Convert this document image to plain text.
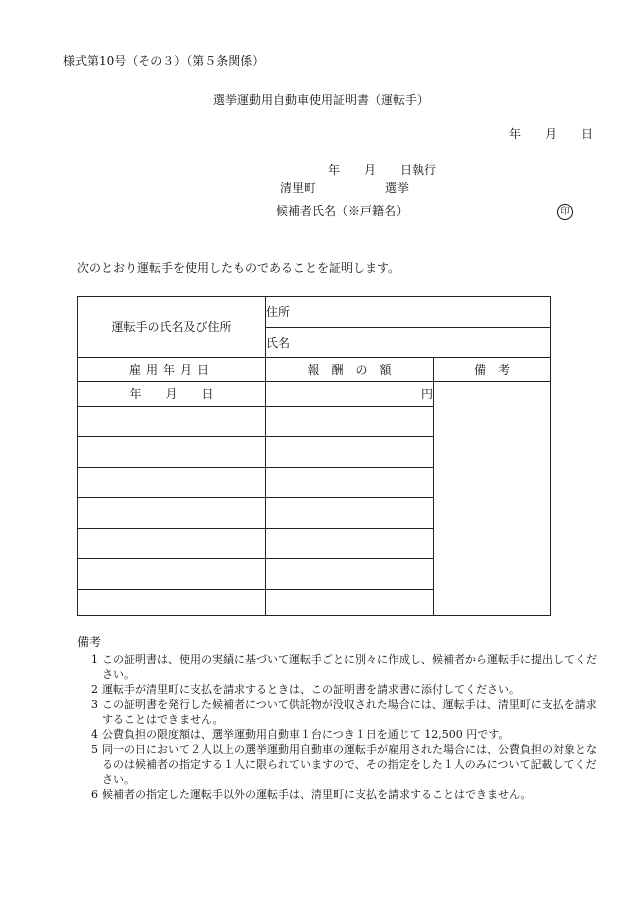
様式第10号（その３）（第５条関係）
選挙運動用自動車使用証明書（運転手）
年　　月　　日
年　　月　　日執行
清里町	選挙
候補者氏名（※戸籍名）	印
次のとおり運転手を使用したものであることを証明します。
運転手の氏名及び住所	住所	
	氏名	
雇用年月日	報　酬　の　額	備　考
年　　月　　日	円	

備考
1 この証明書は、使用の実績に基づいて運転手ごとに別々に作成し、候補者から運転手に提出してください。
2 運転手が清里町に支払を請求するときは、この証明書を請求書に添付してください。
3 この証明書を発行した候補者について供託物が没収された場合には、運転手は、清里町に支払を請求することはできません。
4 公費負担の限度額は、選挙運動用自動車１台につき１日を通じて 12,500 円です。
5 同一の日において２人以上の選挙運動用自動車の運転手が雇用された場合には、公費負担の対象となるのは候補者の指定する１人に限られていますので、その指定をした１人のみについて記載してください。
6 候補者の指定した運転手以外の運転手は、清里町に支払を請求することはできません。
